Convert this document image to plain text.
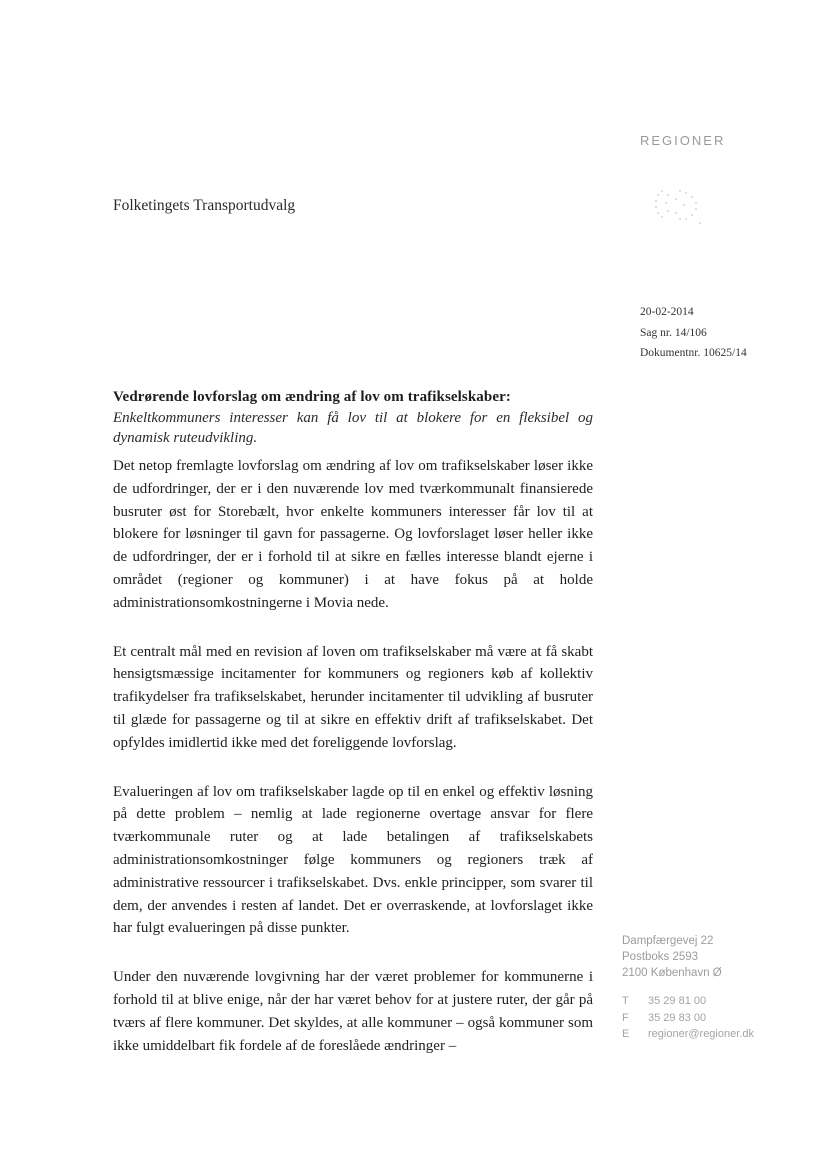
REGIONER
Folketingets Transportudvalg
20-02-2014
Sag nr. 14/106
Dokumentnr. 10625/14
Vedrørende lovforslag om ændring af lov om trafikselskaber:
Enkeltkommuners interesser kan få lov til at blokere for en fleksibel og dynamisk ruteudvikling.

Det netop fremlagte lovforslag om ændring af lov om trafikselskaber løser ikke de udfordringer, der er i den nuværende lov med tværkommunalt finansierede busruter øst for Storebælt, hvor enkelte kommuners interesser får lov til at blokere for løsninger til gavn for passagerne. Og lovforslaget løser heller ikke de udfordringer, der er i forhold til at sikre en fælles interesse blandt ejerne i området (regioner og kommuner) i at have fokus på at holde administrationsomkostningerne i Movia nede.

Et centralt mål med en revision af loven om trafikselskaber må være at få skabt hensigtsmæssige incitamenter for kommuners og regioners køb af kollektiv trafikydelser fra trafikselskabet, herunder incitamenter til udvikling af busruter til glæde for passagerne og til at sikre en effektiv drift af trafikselskabet. Det opfyldes imidlertid ikke med det foreliggende lovforslag.

Evalueringen af lov om trafikselskaber lagde op til en enkel og effektiv løsning på dette problem – nemlig at lade regionerne overtage ansvar for flere tværkommunale ruter og at lade betalingen af trafikselskabets administrationsomkostninger følge kommuners og regioners træk af administrative ressourcer i trafikselskabet. Dvs. enkle principper, som svarer til dem, der anvendes i resten af landet. Det er overraskende, at lovforslaget ikke har fulgt evalueringen på disse punkter.

Under den nuværende lovgivning har der været problemer for kommunerne i forhold til at blive enige, når der har været behov for at justere ruter, der går på tværs af flere kommuner. Det skyldes, at alle kommuner – også kommuner som ikke umiddelbart fik fordele af de foreslåede ændringer –

Dampfærgevej 22
Postboks 2593
2100 København Ø
T 35 29 81 00
F 35 29 83 00
E regioner@regioner.dk
